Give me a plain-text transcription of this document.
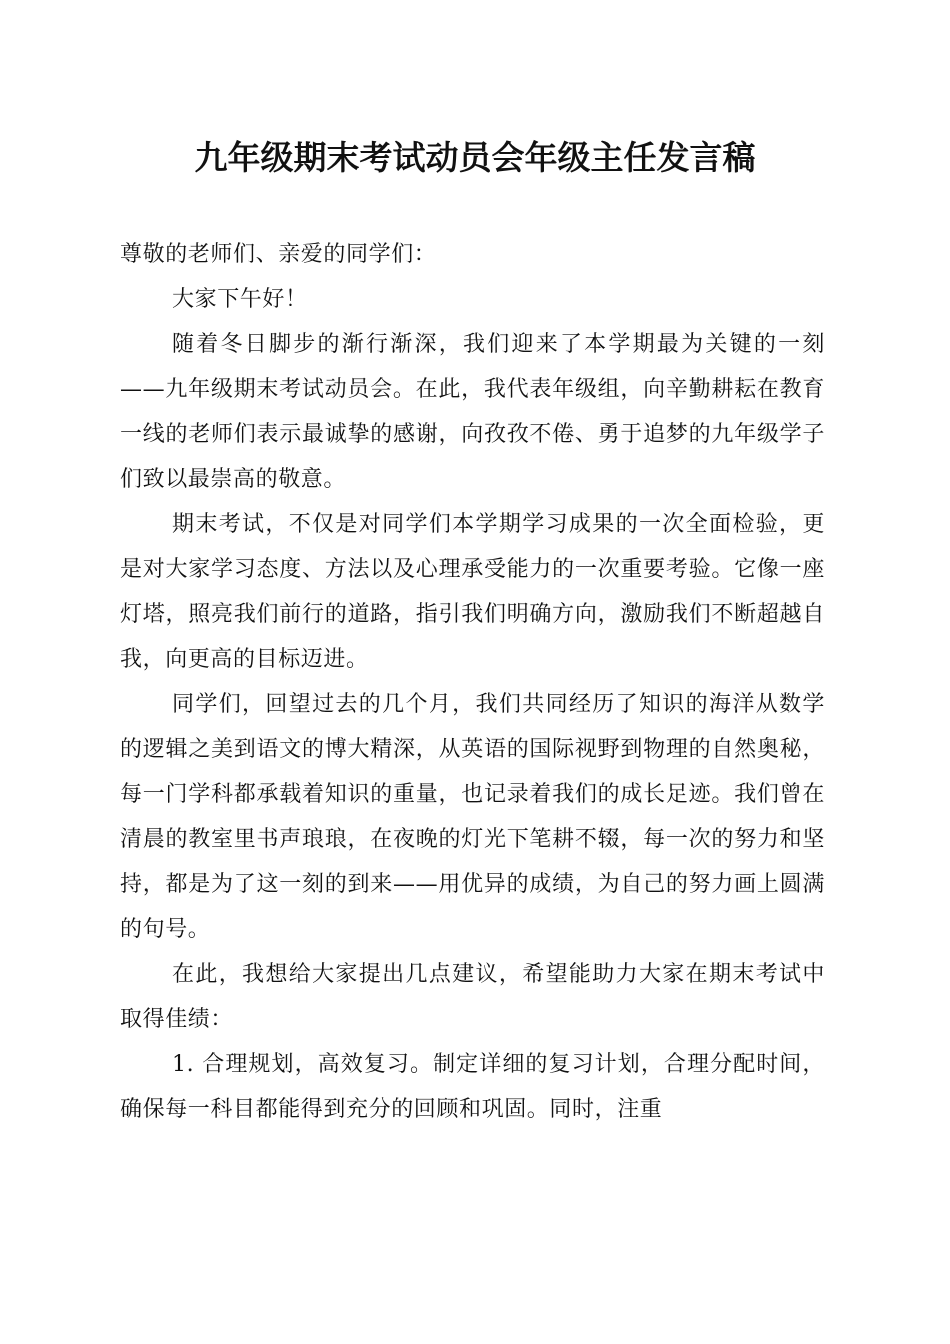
九年级期末考试动员会年级主任发言稿

尊敬的老师们、亲爱的同学们：

大家下午好！

随着冬日脚步的渐行渐深，我们迎来了本学期最为关键的一刻——九年级期末考试动员会。在此，我代表年级组，向辛勤耕耘在教育一线的老师们表示最诚挚的感谢，向孜孜不倦、勇于追梦的九年级学子们致以最崇高的敬意。

期末考试，不仅是对同学们本学期学习成果的一次全面检验，更是对大家学习态度、方法以及心理承受能力的一次重要考验。它像一座灯塔，照亮我们前行的道路，指引我们明确方向，激励我们不断超越自我，向更高的目标迈进。

同学们，回望过去的几个月，我们共同经历了知识的海洋从数学的逻辑之美到语文的博大精深，从英语的国际视野到物理的自然奥秘，每一门学科都承载着知识的重量，也记录着我们的成长足迹。我们曾在清晨的教室里书声琅琅，在夜晚的灯光下笔耕不辍，每一次的努力和坚持，都是为了这一刻的到来——用优异的成绩，为自己的努力画上圆满的句号。

在此，我想给大家提出几点建议，希望能助力大家在期末考试中取得佳绩：

1. 合理规划，高效复习。制定详细的复习计划，合理分配时间，确保每一科目都能得到充分的回顾和巩固。同时，注重
